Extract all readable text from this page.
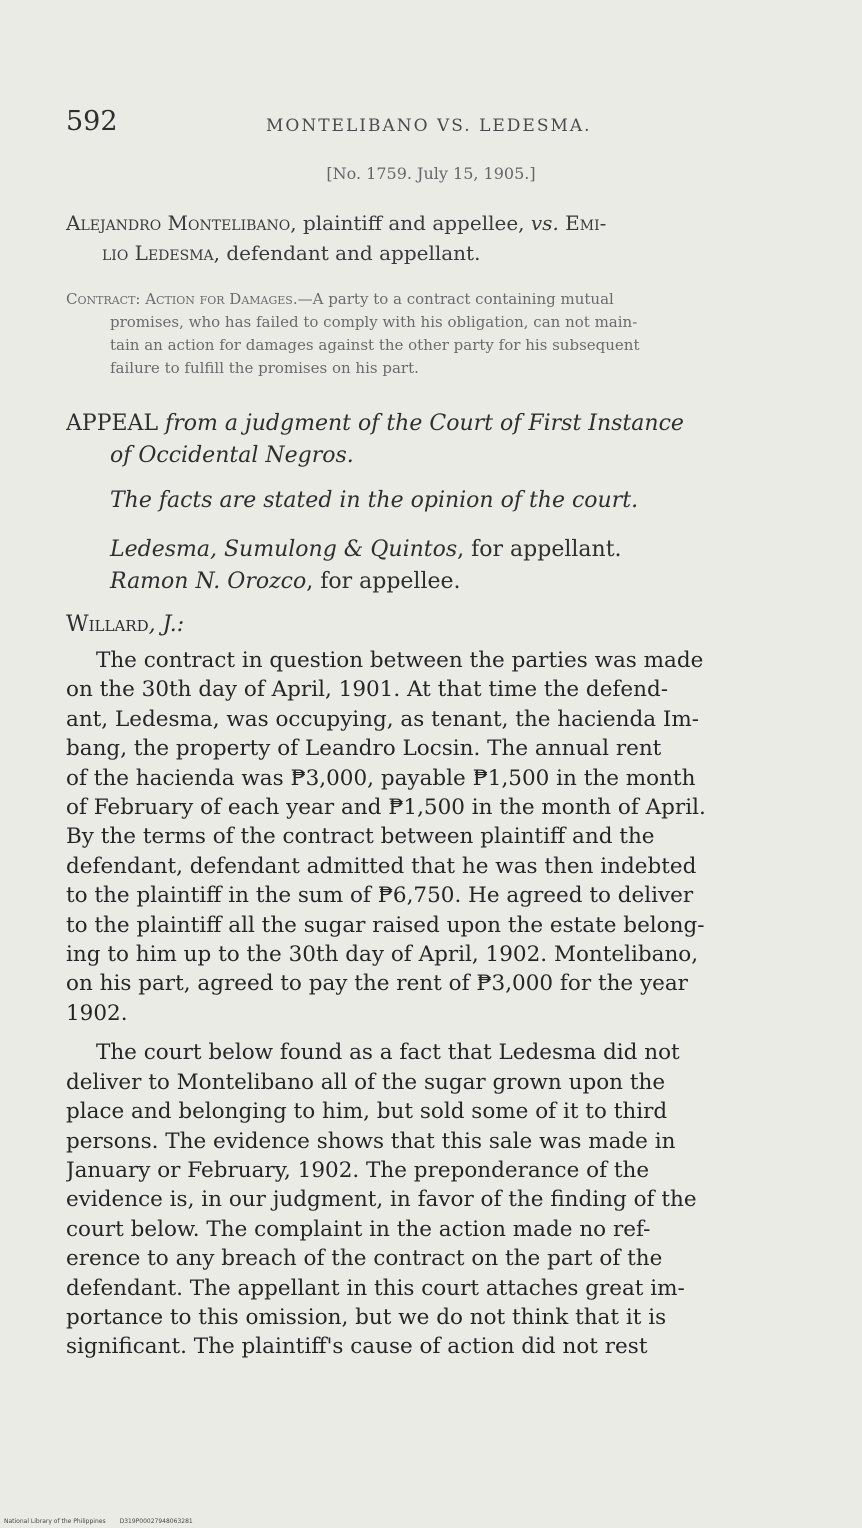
592	MONTELIBANO VS. LEDESMA.
[No. 1759. July 15, 1905.]
Alejandro Montelibano, plaintiff and appellee, vs. Emi-
lio Ledesma, defendant and appellant.
Contract: Action for Damages.—A party to a contract containing mutual
promises, who has failed to comply with his obligation, can not main-
tain an action for damages against the other party for his subsequent
failure to fulfill the promises on his part.
APPEAL from a judgment of the Court of First Instance
of Occidental Negros.
The facts are stated in the opinion of the court.
Ledesma, Sumulong & Quintos, for appellant.
Ramon N. Orozco, for appellee.
Willard, J.:

The contract in question between the parties was made
on the 30th day of April, 1901. At that time the defend-
ant, Ledesma, was occupying, as tenant, the hacienda Im-
bang, the property of Leandro Locsin. The annual rent
of the hacienda was ₱3,000, payable ₱1,500 in the month
of February of each year and ₱1,500 in the month of April.
By the terms of the contract between plaintiff and the
defendant, defendant admitted that he was then indebted
to the plaintiff in the sum of ₱6,750. He agreed to deliver
to the plaintiff all the sugar raised upon the estate belong-
ing to him up to the 30th day of April, 1902. Montelibano,
on his part, agreed to pay the rent of ₱3,000 for the year
1902.

The court below found as a fact that Ledesma did not
deliver to Montelibano all of the sugar grown upon the
place and belonging to him, but sold some of it to third
persons. The evidence shows that this sale was made in
January or February, 1902. The preponderance of the
evidence is, in our judgment, in favor of the finding of the
court below. The complaint in the action made no ref-
erence to any breach of the contract on the part of the
defendant. The appellant in this court attaches great im-
portance to this omission, but we do not think that it is
significant. The plaintiff's cause of action did not rest

National Library of the Philippines D319P00027948063281
